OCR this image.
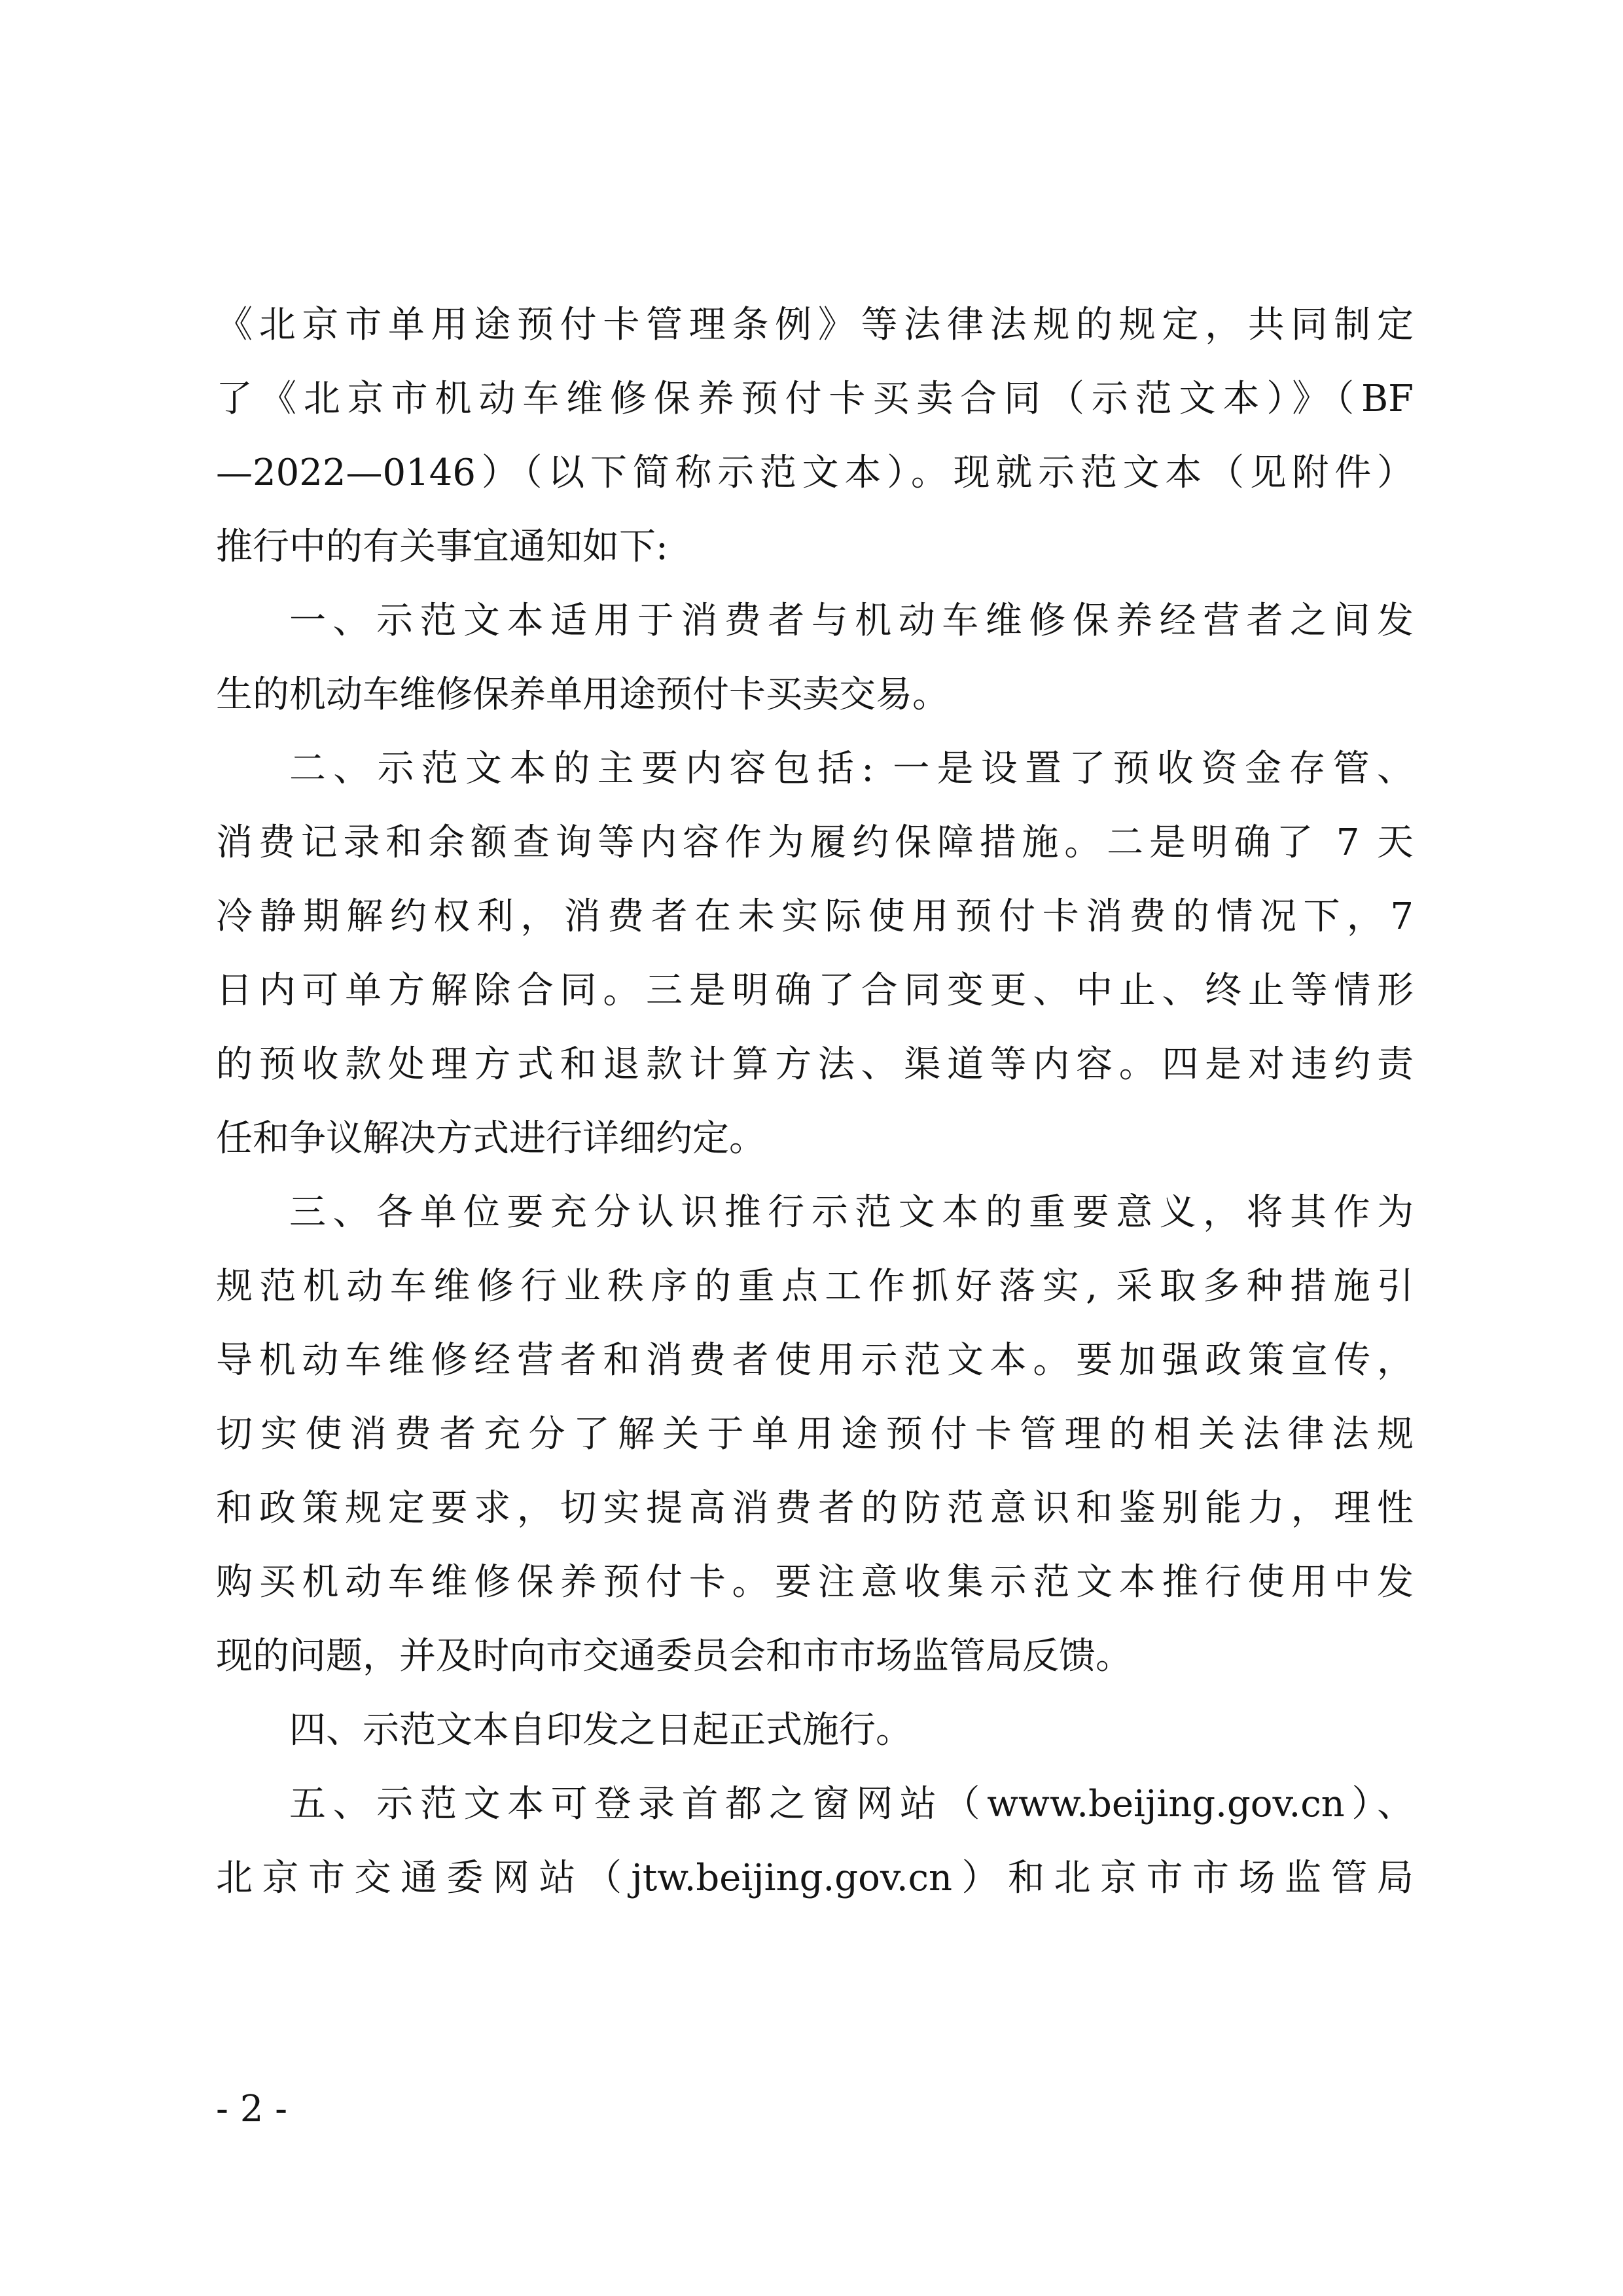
《北京市单用途预付卡管理条例》等法律法规的规定，共同制定
了《北京市机动车维修保养预付卡买卖合同（示范文本）》（BF
—2022—0146）（以下简称示范文本）。现就示范文本（见附件）
推行中的有关事宜通知如下:
一、示范文本适用于消费者与机动车维修保养经营者之间发
生的机动车维修保养单用途预付卡买卖交易。
二、示范文本的主要内容包括: 一是设置了预收资金存管、
消费记录和余额查询等内容作为履约保障措施。二是明确了 7 天
冷静期解约权利，消费者在未实际使用预付卡消费的情况下，7
日内可单方解除合同。三是明确了合同变更、中止、终止等情形
的预收款处理方式和退款计算方法、渠道等内容。四是对违约责
任和争议解决方式进行详细约定。
三、各单位要充分认识推行示范文本的重要意义，将其作为
规范机动车维修行业秩序的重点工作抓好落实, 采取多种措施引
导机动车维修经营者和消费者使用示范文本。要加强政策宣传，
切实使消费者充分了解关于单用途预付卡管理的相关法律法规
和政策规定要求，切实提高消费者的防范意识和鉴别能力，理性
购买机动车维修保养预付卡。要注意收集示范文本推行使用中发
现的问题，并及时向市交通委员会和市市场监管局反馈。
四、示范文本自印发之日起正式施行。
五、示范文本可登录首都之窗网站（www.beijing.gov.cn）、
北京市交通委网站（jtw.beijing.gov.cn）和北京市市场监管局
- 2 -
